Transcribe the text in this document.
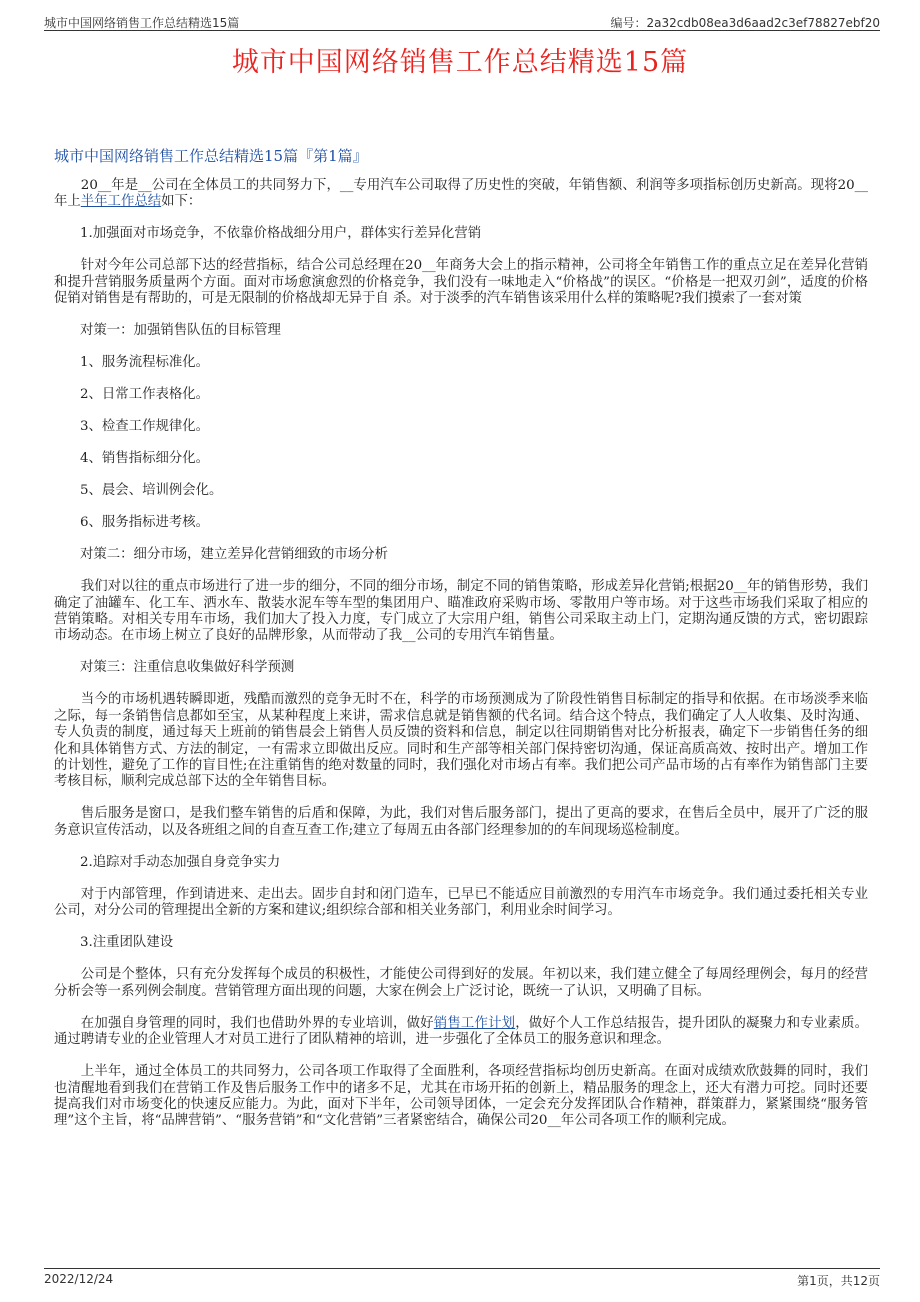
城市中国网络销售工作总结精选15篇	编号：2a32cdb08ea3d6aad2c3ef78827ebf20
城市中国网络销售工作总结精选15篇
城市中国网络销售工作总结精选15篇『第1篇』

20__年是__公司在全体员工的共同努力下，__专用汽车公司取得了历史性的突破，年销售额、利润等多项指标创历史新高。现将20__年上半年工作总结如下：

1.加强面对市场竞争，不依靠价格战细分用户，群体实行差异化营销

针对今年公司总部下达的经营指标，结合公司总经理在20__年商务大会上的指示精神，公司将全年销售工作的重点立足在差异化营销和提升营销服务质量两个方面。面对市场愈演愈烈的价格竞争，我们没有一味地走入“价格战”的误区。“价格是一把双刃剑”，适度的价格促销对销售是有帮助的，可是无限制的价格战却无异于自 杀。对于淡季的汽车销售该采用什么样的策略呢?我们摸索了一套对策

对策一：加强销售队伍的目标管理

1、服务流程标准化。

2、日常工作表格化。

3、检查工作规律化。

4、销售指标细分化。

5、晨会、培训例会化。

6、服务指标进考核。

对策二：细分市场，建立差异化营销细致的市场分析

我们对以往的重点市场进行了进一步的细分，不同的细分市场，制定不同的销售策略，形成差异化营销;根据20__年的销售形势，我们确定了油罐车、化工车、洒水车、散装水泥车等车型的集团用户、瞄准政府采购市场、零散用户等市场。对于这些市场我们采取了相应的营销策略。对相关专用车市场，我们加大了投入力度，专门成立了大宗用户组，销售公司采取主动上门，定期沟通反馈的方式，密切跟踪市场动态。在市场上树立了良好的品牌形象，从而带动了我__公司的专用汽车销售量。

对策三：注重信息收集做好科学预测

当今的市场机遇转瞬即逝，残酷而激烈的竞争无时不在，科学的市场预测成为了阶段性销售目标制定的指导和依据。在市场淡季来临之际，每一条销售信息都如至宝，从某种程度上来讲，需求信息就是销售额的代名词。结合这个特点，我们确定了人人收集、及时沟通、专人负责的制度，通过每天上班前的销售晨会上销售人员反馈的资料和信息，制定以往同期销售对比分析报表，确定下一步销售任务的细化和具体销售方式、方法的制定，一有需求立即做出反应。同时和生产部等相关部门保持密切沟通，保证高质高效、按时出产。增加工作的计划性，避免了工作的盲目性;在注重销售的绝对数量的同时，我们强化对市场占有率。我们把公司产品市场的占有率作为销售部门主要考核目标，顺利完成总部下达的全年销售目标。

售后服务是窗口，是我们整车销售的后盾和保障，为此，我们对售后服务部门，提出了更高的要求，在售后全员中，展开了广泛的服务意识宣传活动，以及各班组之间的自查互查工作;建立了每周五由各部门经理参加的的车间现场巡检制度。

2.追踪对手动态加强自身竞争实力

对于内部管理，作到请进来、走出去。固步自封和闭门造车，已早已不能适应目前激烈的专用汽车市场竞争。我们通过委托相关专业公司，对分公司的管理提出全新的方案和建议;组织综合部和相关业务部门，利用业余时间学习。

3.注重团队建设

公司是个整体，只有充分发挥每个成员的积极性，才能使公司得到好的发展。年初以来，我们建立健全了每周经理例会，每月的经营分析会等一系列例会制度。营销管理方面出现的问题，大家在例会上广泛讨论，既统一了认识，又明确了目标。

在加强自身管理的同时，我们也借助外界的专业培训，做好销售工作计划，做好个人工作总结报告，提升团队的凝聚力和专业素质。通过聘请专业的企业管理人才对员工进行了团队精神的培训，进一步强化了全体员工的服务意识和理念。

上半年，通过全体员工的共同努力，公司各项工作取得了全面胜利，各项经营指标均创历史新高。在面对成绩欢欣鼓舞的同时，我们也清醒地看到我们在营销工作及售后服务工作中的诸多不足，尤其在市场开拓的创新上，精品服务的理念上，还大有潜力可挖。同时还要提高我们对市场变化的快速反应能力。为此，面对下半年，公司领导团体，一定会充分发挥团队合作精神，群策群力，紧紧围绕“服务管理”这个主旨，将“品牌营销”、“服务营销”和“文化营销”三者紧密结合，确保公司20__年公司各项工作的顺利完成。

2022/12/24	第1页，共12页
